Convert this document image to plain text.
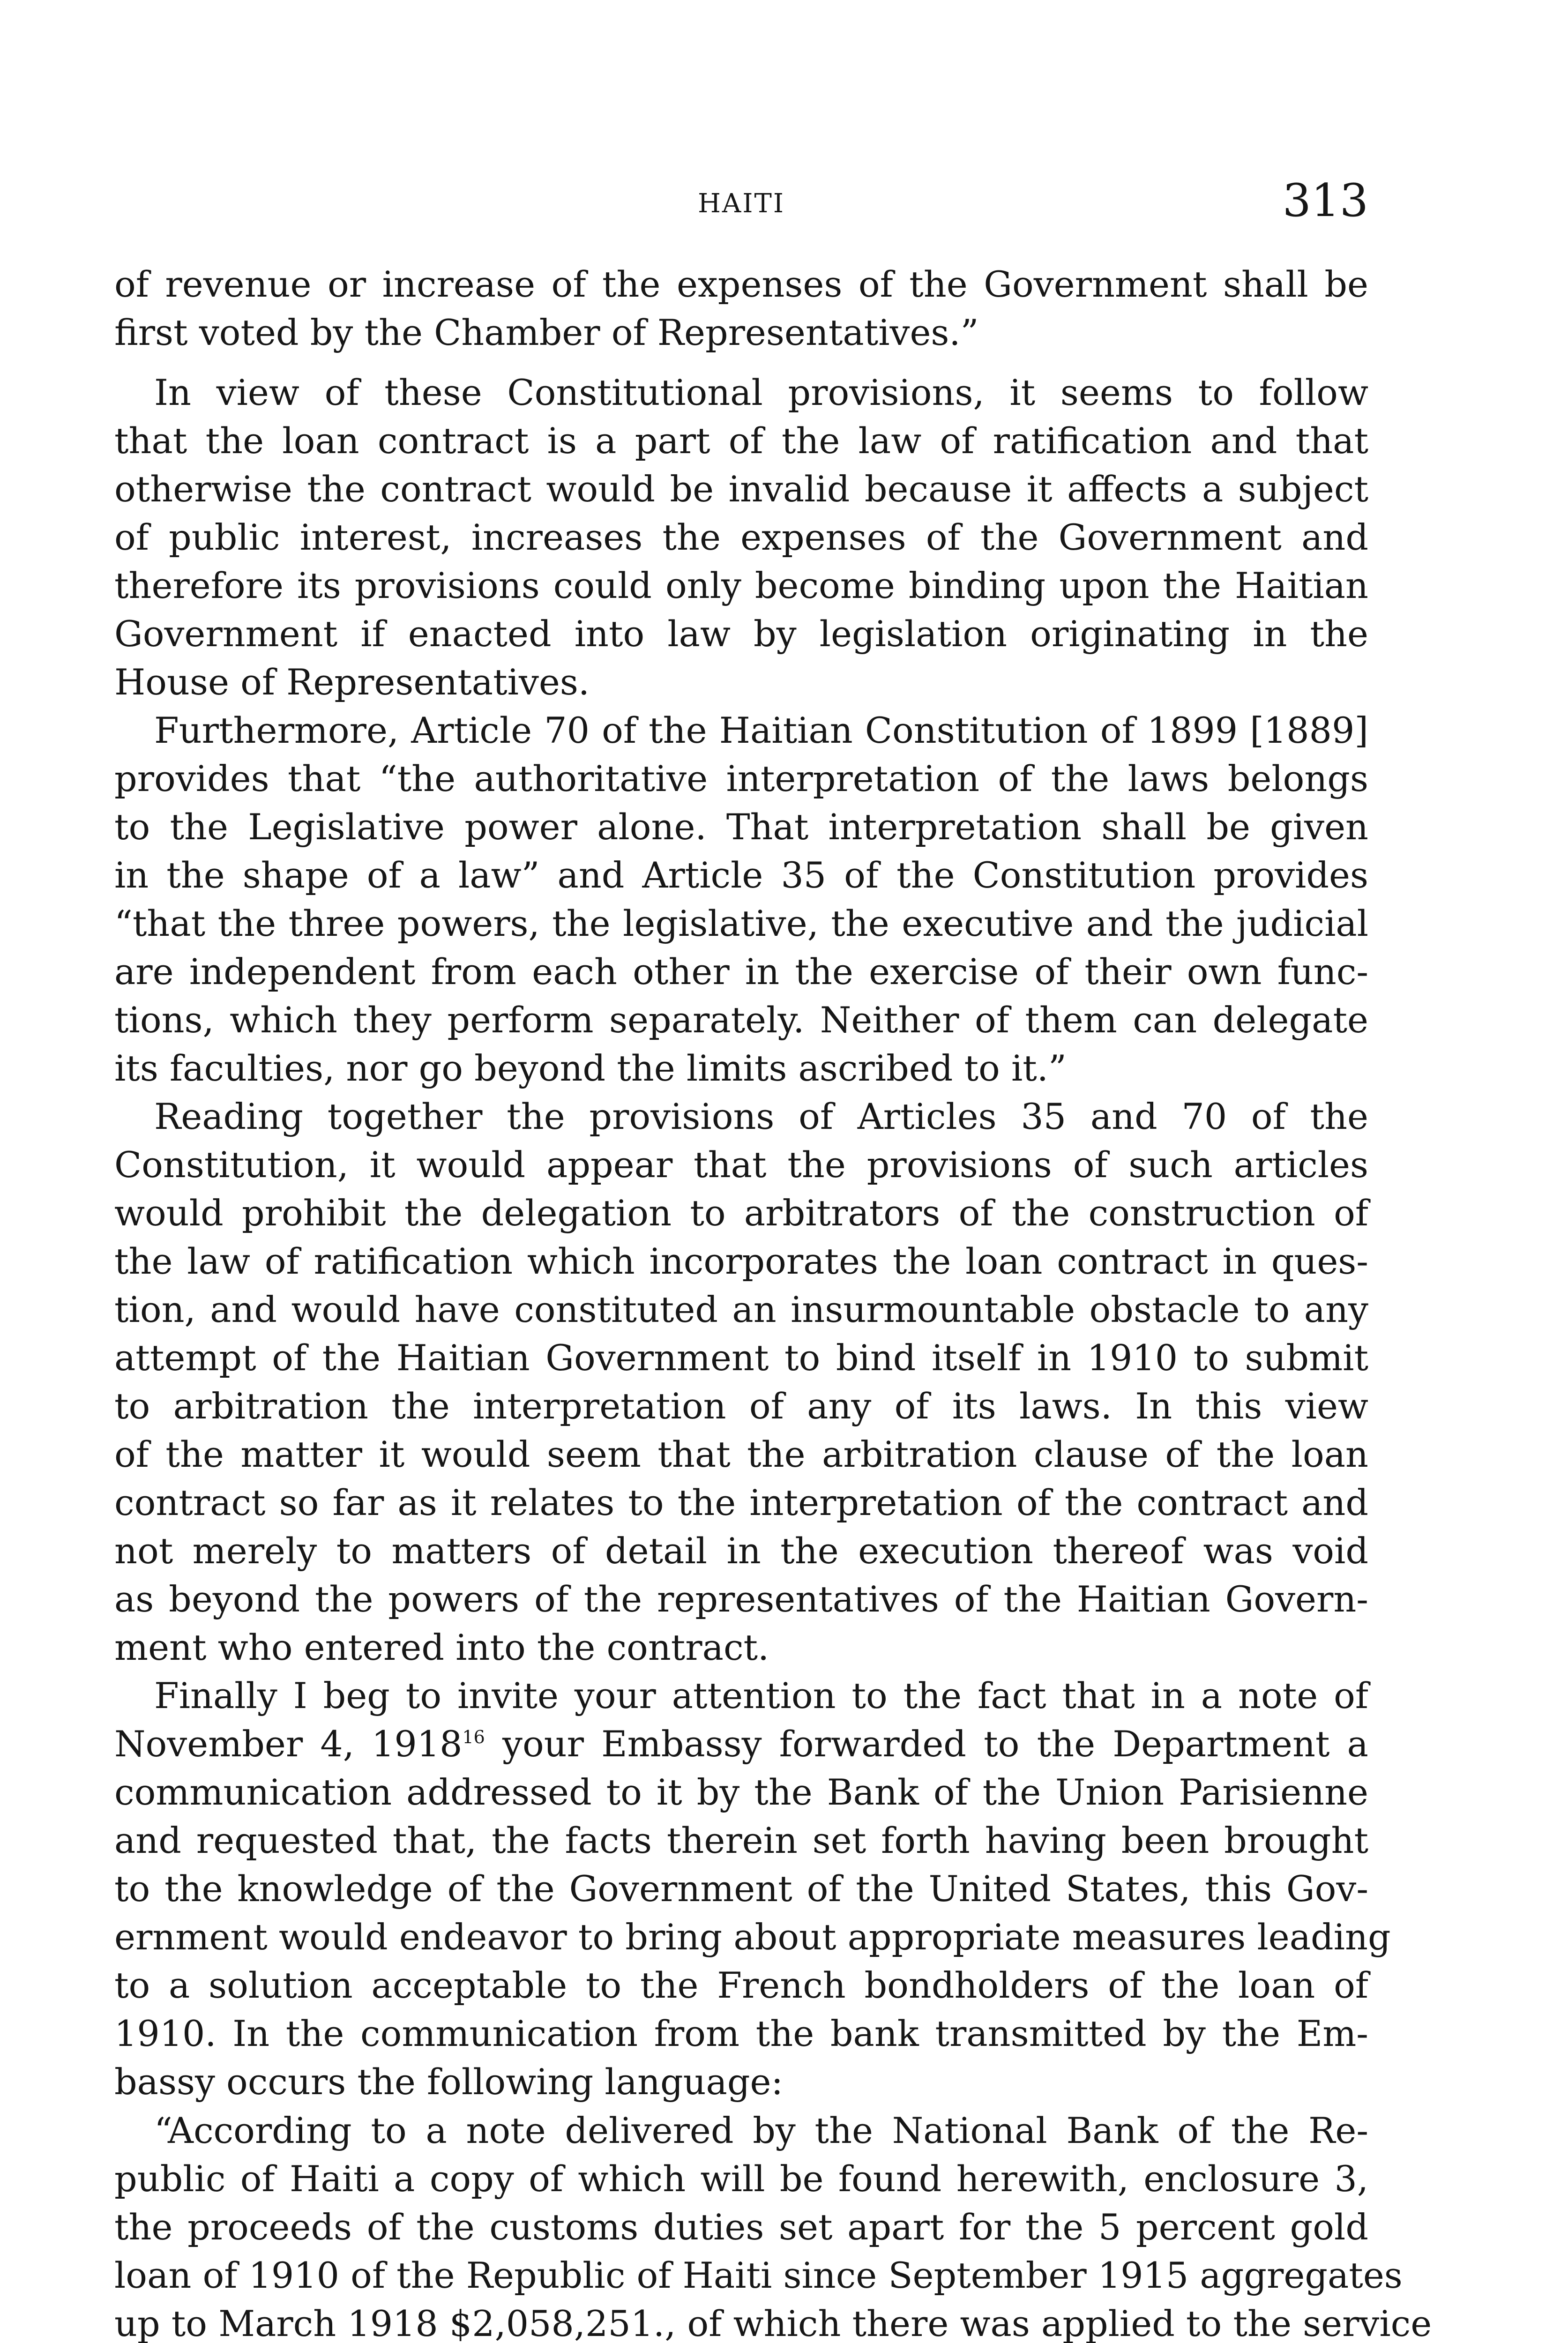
HAITI	313
of revenue or increase of the expenses of the Government shall be
first voted by the Chamber of Representatives.”
In view of these Constitutional provisions, it seems to follow
that the loan contract is a part of the law of ratification and that
otherwise the contract would be invalid because it affects a subject
of public interest, increases the expenses of the Government and
therefore its provisions could only become binding upon the Haitian
Government if enacted into law by legislation originating in the
House of Representatives.
Furthermore, Article 70 of the Haitian Constitution of 1899 [1889]
provides that “the authoritative interpretation of the laws belongs
to the Legislative power alone. That interpretation shall be given
in the shape of a law” and Article 35 of the Constitution provides
“that the three powers, the legislative, the executive and the judicial
are independent from each other in the exercise of their own func-
tions, which they perform separately. Neither of them can delegate
its faculties, nor go beyond the limits ascribed to it.”
Reading together the provisions of Articles 35 and 70 of the
Constitution, it would appear that the provisions of such articles
would prohibit the delegation to arbitrators of the construction of
the law of ratification which incorporates the loan contract in ques-
tion, and would have constituted an insurmountable obstacle to any
attempt of the Haitian Government to bind itself in 1910 to submit
to arbitration the interpretation of any of its laws. In this view
of the matter it would seem that the arbitration clause of the loan
contract so far as it relates to the interpretation of the contract and
not merely to matters of detail in the execution thereof was void
as beyond the powers of the representatives of the Haitian Govern-
ment who entered into the contract.
Finally I beg to invite your attention to the fact that in a note of
November 4, 1918$^{16}$ your Embassy forwarded to the Department a
communication addressed to it by the Bank of the Union Parisienne
and requested that, the facts therein set forth having been brought
to the knowledge of the Government of the United States, this Gov-
ernment would endeavor to bring about appropriate measures leading
to a solution acceptable to the French bondholders of the loan of
1910. In the communication from the bank transmitted by the Em-
bassy occurs the following language:
“According to a note delivered by the National Bank of the Re-
public of Haiti a copy of which will be found herewith, enclosure 3,
the proceeds of the customs duties set apart for the 5 percent gold
loan of 1910 of the Republic of Haiti since September 1915 aggregates
up to March 1918 $2,058,251., of which there was applied to the service
